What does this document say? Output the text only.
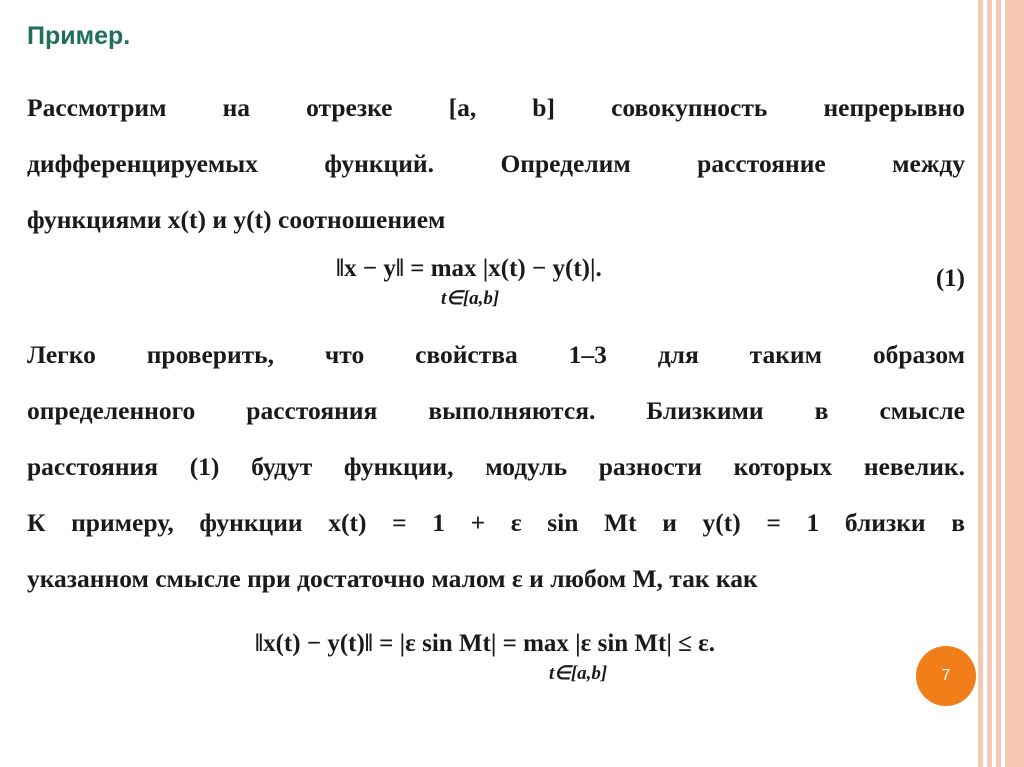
Пример.
Рассмотрим на отрезке [a, b] совокупность непрерывно
дифференцируемых функций. Определим расстояние между
функциями x(t) и y(t) соотношением
‖x − y‖ = max |x(t) − y(t)|.
t∈[a,b]
(1)
Легко проверить, что свойства 1–3 для таким образом
определенного расстояния выполняются. Близкими в смысле
расстояния (1) будут функции, модуль разности которых невелик.
К примеру, функции x(t) = 1 + ε sin Mt и y(t) = 1 близки в
указанном смысле при достаточно малом ε и любом M, так как
‖x(t) − y(t)‖ = |ε sin Mt| = max |ε sin Mt| ≤ ε.
t∈[a,b]	7
